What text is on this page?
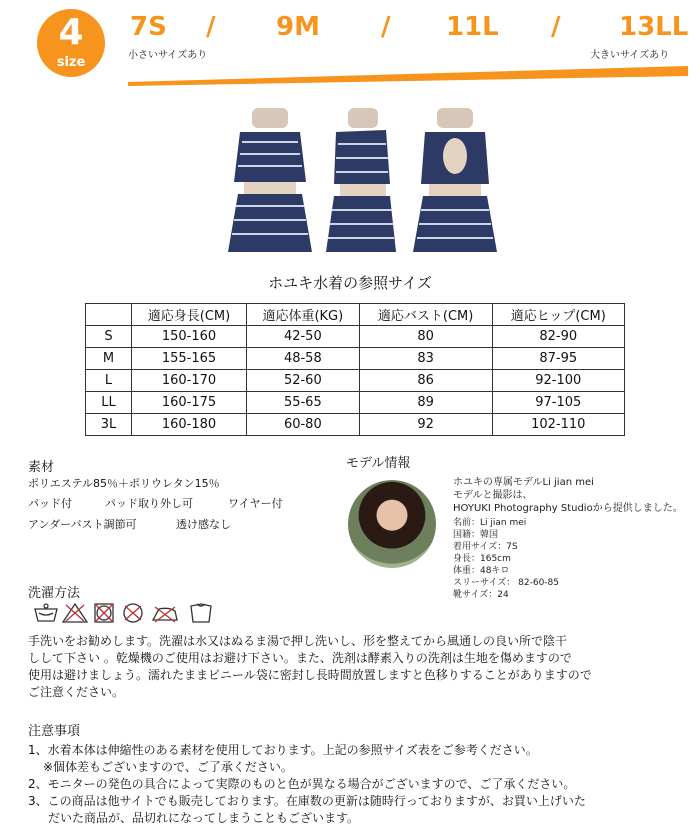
4
size
7S / 9M / 11L / 13LL
小さいサイズあり	大きいサイズあり
ホユキ水着の参照サイズ
	適応身長(CM)	適応体重(KG)	適応バスト(CM)	適応ヒップ(CM)
S	150-160	42-50	80	82-90
M	155-165	48-58	83	87-95
L	160-170	52-60	86	92-100
LL	160-175	55-65	89	97-105
3L	160-180	60-80	92	102-110
素材
ポリエステル85％＋ポリウレタン15％
パッド付	パッド取り外し可	ワイヤー付
アンダーバスト調節可	透け感なし
モデル情報
ホユキの専属モデルLi jian mei
モデルと撮影は、
HOYUKI Photography Studioから提供しました。
名前：Li jian mei
国籍：韓国
着用サイズ：7S
身長：165cm
体重：48キロ
スリーサイズ： 82-60-85
靴サイズ：24
洗濯方法
手洗いをお勧めします。洗濯は水又はぬるま湯で押し洗いし、形を整えてから風通しの良い所で陰干
しして下さい 。乾燥機のご使用はお避け下さい。また、洗剤は酵素入りの洗剤は生地を傷めますので
使用は避けましょう。濡れたままビニール袋に密封し長時間放置しますと色移りすることがありますので
ご注意ください。
注意事項
1、水着本体は伸縮性のある素材を使用しております。上記の参照サイズ表をご参考ください。
※個体差もございますので、ご了承ください。
2、モニターの発色の具合によって実際のものと色が異なる場合がございますので、ご了承ください。
3、この商品は他サイトでも販売しております。在庫数の更新は随時行っておりますが、お買い上げいた
だいた商品が、品切れになってしまうこともございます。
